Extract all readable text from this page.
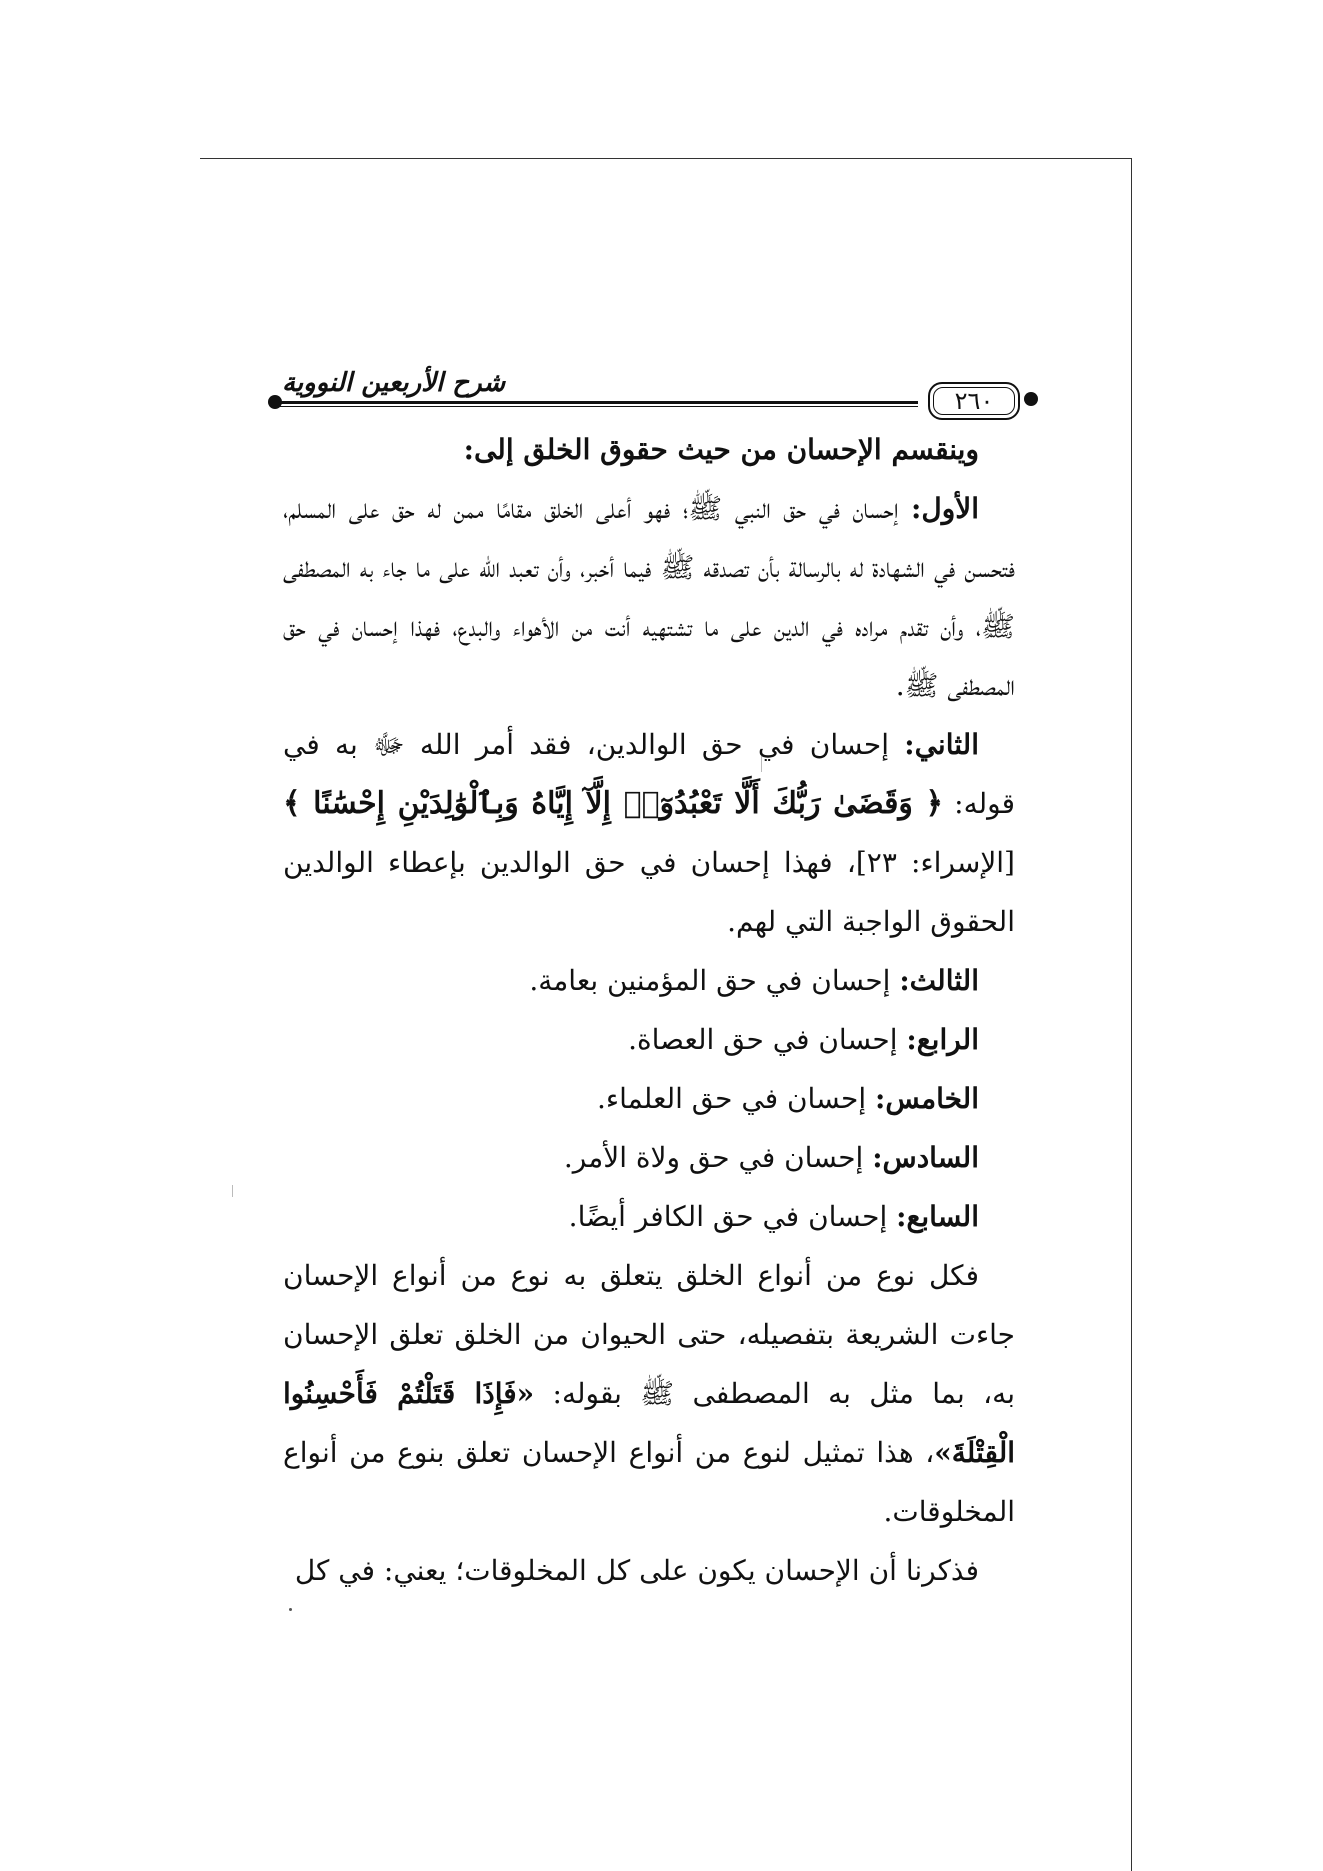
شرح الأربعين النووية
٢٦٠

وينقسم الإحسان من حيث حقوق الخلق إلى:

الأول: إحسان في حق النبي ﷺ؛ فهو أعلى الخلق مقامًا ممن له حق على المسلم، فتحسن في الشهادة له بالرسالة بأن تصدقه ﷺ فيما أخبر، وأن تعبد الله على ما جاء به المصطفى ﷺ، وأن تقدم مراده في الدين على ما تشتهيه أنت من الأهواء والبدع، فهذا إحسان في حق المصطفى ﷺ.

الثاني: إحسان في حق الوالدين، فقد أمر الله ﷻ به في قوله: ﴿ وَقَضَىٰ رَبُّكَ أَلَّا تَعْبُدُوٓا۟ إِلَّآ إِيَّاهُ وَبِٱلْوَٰلِدَيْنِ إِحْسَٰنًا ﴾[الإسراء: ٢٣]، فهذا إحسان في حق الوالدين بإعطاء الوالدين الحقوق الواجبة التي لهم.

الثالث: إحسان في حق المؤمنين بعامة.

الرابع: إحسان في حق العصاة.

الخامس: إحسان في حق العلماء.

السادس: إحسان في حق ولاة الأمر.

السابع: إحسان في حق الكافر أيضًا.

فكل نوع من أنواع الخلق يتعلق به نوع من أنواع الإحسان جاءت الشريعة بتفصيله، حتى الحيوان من الخلق تعلق الإحسان به، بما مثل به المصطفى ﷺ بقوله: «فَإِذَا قَتَلْتُمْ فَأَحْسِنُوا الْقِتْلَةَ»، هذا تمثيل لنوع من أنواع الإحسان تعلق بنوع من أنواع المخلوقات.

فذكرنا أن الإحسان يكون على كل المخلوقات؛ يعني: في كل
